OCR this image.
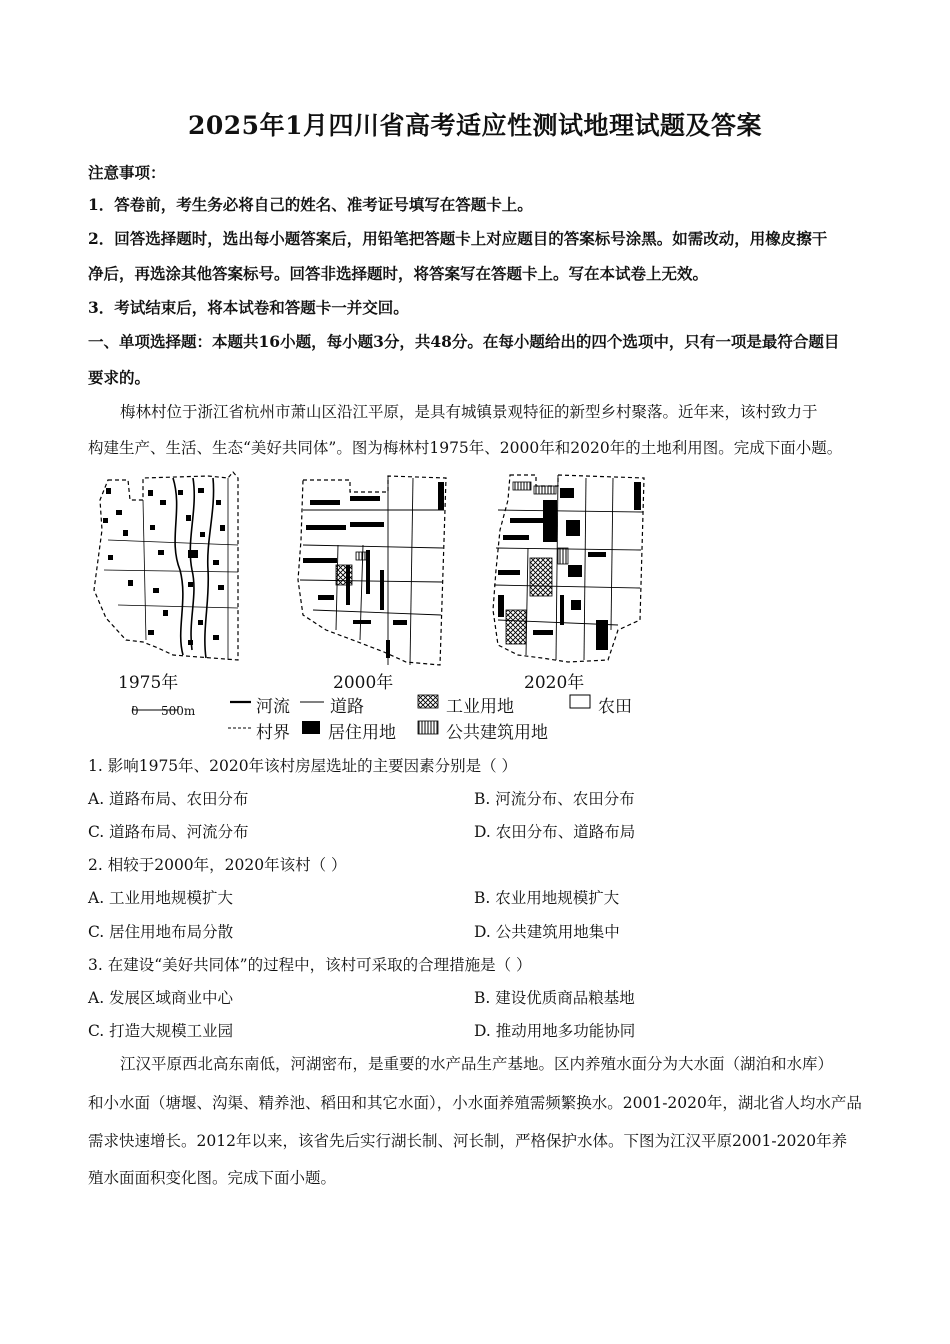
2025年1月四川省高考适应性测试地理试题及答案
注意事项：
1．答卷前，考生务必将自己的姓名、准考证号填写在答题卡上。
2．回答选择题时，选出每小题答案后，用铅笔把答题卡上对应题目的答案标号涂黑。如需改动，用橡皮擦干
净后，再选涂其他答案标号。回答非选择题时，将答案写在答题卡上。写在本试卷上无效。
3．考试结束后，将本试卷和答题卡一并交回。
一、单项选择题：本题共16小题，每小题3分，共48分。在每小题给出的四个选项中，只有一项是最符合题目
要求的。
梅林村位于浙江省杭州市萧山区沿江平原，是具有城镇景观特征的新型乡村聚落。近年来，该村致力于
构建生产、生活、生态“美好共同体”。图为梅林村1975年、2000年和2020年的土地利用图。完成下面小题。
1975年	2000年	2020年
0 500m	河流 道路	工业用地	农田
村界 居住用地	公共建筑用地
1. 影响1975年、2020年该村房屋选址的主要因素分别是（ ）
A. 道路布局、农田分布	B. 河流分布、农田分布
C. 道路布局、河流分布	D. 农田分布、道路布局
2. 相较于2000年，2020年该村（ ）
A. 工业用地规模扩大	B. 农业用地规模扩大
C. 居住用地布局分散	D. 公共建筑用地集中
3. 在建设“美好共同体”的过程中，该村可采取的合理措施是（ ）
A. 发展区域商业中心	B. 建设优质商品粮基地
C. 打造大规模工业园	D. 推动用地多功能协同
江汉平原西北高东南低，河湖密布，是重要的水产品生产基地。区内养殖水面分为大水面（湖泊和水库）
和小水面（塘堰、沟渠、精养池、稻田和其它水面），小水面养殖需频繁换水。2001-2020年，湖北省人均水产品
需求快速增长。2012年以来，该省先后实行湖长制、河长制，严格保护水体。下图为江汉平原2001-2020年养
殖水面面积变化图。完成下面小题。
